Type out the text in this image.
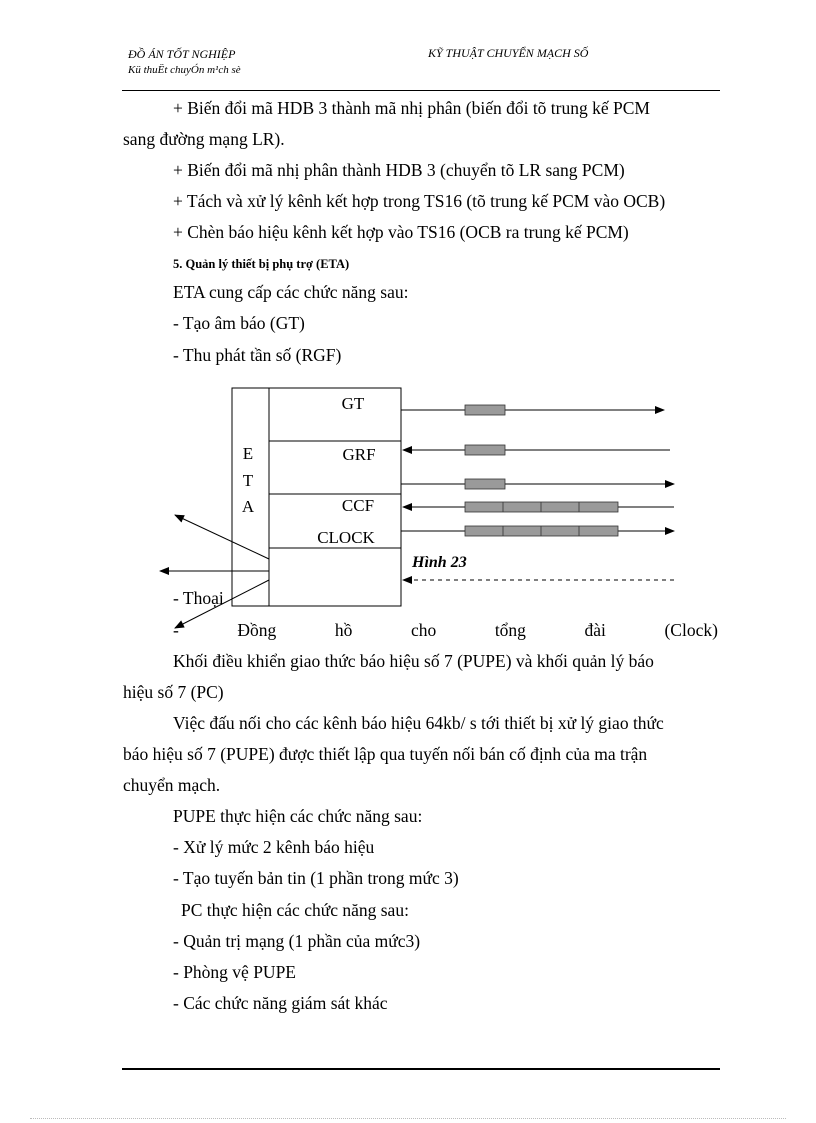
ĐỒ ÁN TỐT NGHIỆP
Kü thuËt chuyÓn m¹ch sè
KỸ THUẬT CHUYỂN MẠCH SỐ
+ Biến đổi mã HDB 3 thành mã nhị phân (biến đổi tõ trung kế PCM
sang đường mạng LR).
+ Biến đổi mã nhị phân thành HDB 3 (chuyển tõ LR sang PCM)
+ Tách và xử lý kênh kết hợp trong TS16 (tõ trung kế PCM vào OCB)
+ Chèn báo hiệu kênh kết hợp vào TS16 (OCB ra trung kế PCM)
5. Quản lý thiết bị phụ trợ (ETA)
ETA cung cấp các chức năng sau:
- Tạo âm báo (GT)
- Thu phát tần số (RGF)
E
T
A
GT
GRF
CCF
CLOCK
Hình 23
- Thoại
-	Đồng	hồ	cho	tổng	đài	(Clock)
Khối điều khiển giao thức báo hiệu số 7 (PUPE) và khối quản lý báo
hiệu số 7 (PC)
Việc đấu nối cho các kênh báo hiệu 64kb/ s tới thiết bị xử lý giao thức
báo hiệu số 7 (PUPE) được thiết lập qua tuyến nối bán cố định của ma trận
chuyển mạch.
PUPE thực hiện các chức năng sau:
- Xử lý mức 2 kênh báo hiệu
- Tạo tuyến bản tin (1 phần trong mức 3)
PC thực hiện các chức năng sau:
- Quản trị mạng (1 phần của mức3)
- Phòng vệ PUPE
- Các chức năng giám sát khác
